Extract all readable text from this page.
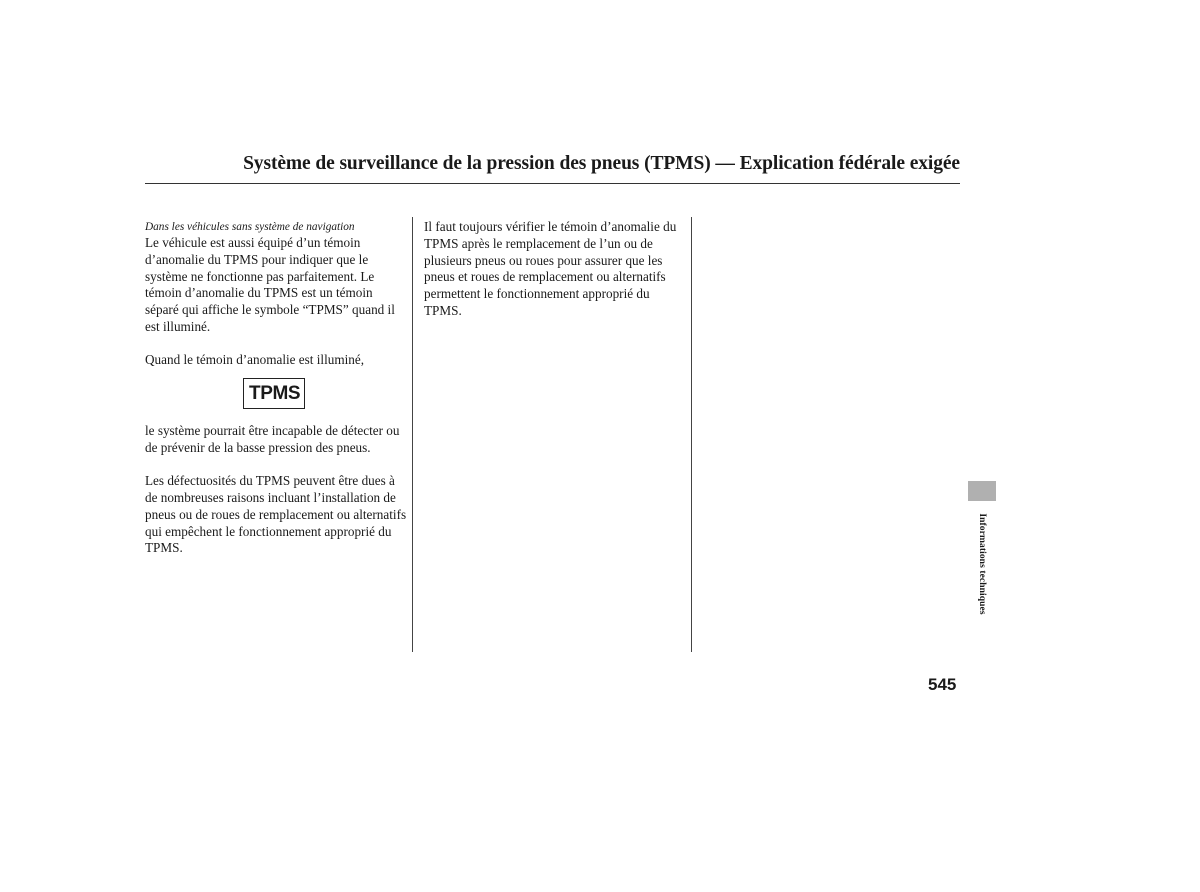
Système de surveillance de la pression des pneus (TPMS) — Explication fédérale exigée

Dans les véhicules sans système de navigation
Le véhicule est aussi équipé d’un témoin d’anomalie du TPMS pour indiquer que le système ne fonctionne pas parfaitement. Le témoin d’anomalie du TPMS est un témoin séparé qui affiche le symbole “TPMS” quand il est illuminé.

Quand le témoin d’anomalie est illuminé,

TPMS

le système pourrait être incapable de détecter ou de prévenir de la basse pression des pneus.

Les défectuosités du TPMS peuvent être dues à de nombreuses raisons incluant l’installation de pneus ou de roues de remplacement ou alternatifs qui empêchent le fonctionnement approprié du TPMS.

Il faut toujours vérifier le témoin d’anomalie du TPMS après le remplacement de l’un ou de plusieurs pneus ou roues pour assurer que les pneus et roues de remplacement ou alternatifs permettent le fonctionnement approprié du TPMS.

Informations techniques
545
